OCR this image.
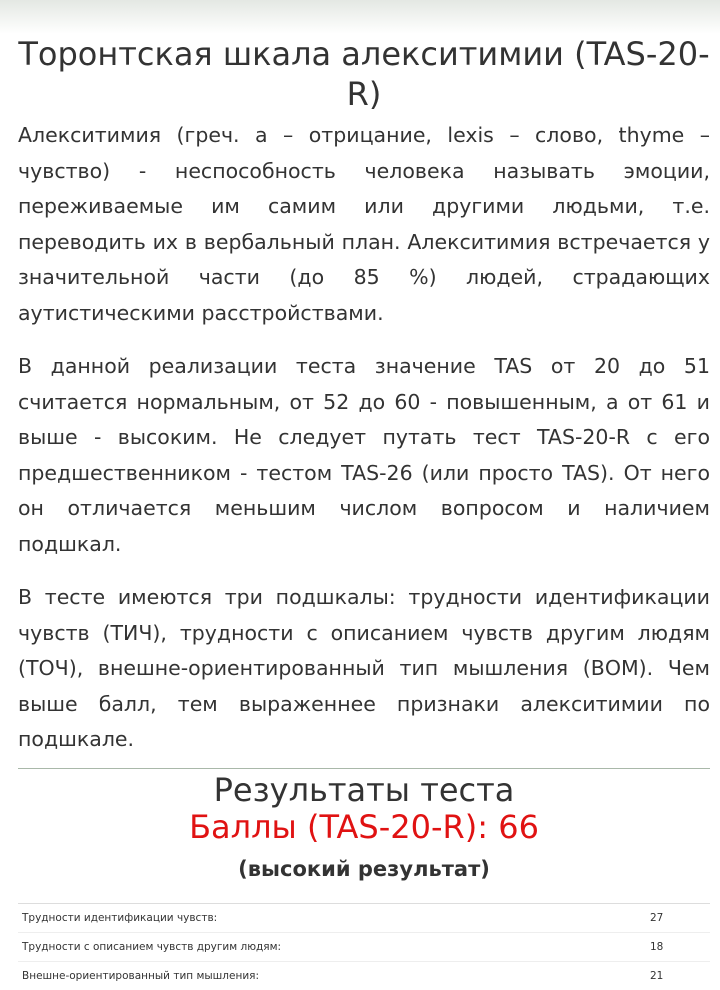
Торонтская шкала алекситимии (TAS-20-R)

Алекситимия (греч. а – отрицание, lexis – слово, thyme – чувство) - неспособность человека называть эмоции, переживаемые им самим или другими людьми, т.е. переводить их в вербальный план. Алекситимия встречается у значительной части (до 85 %) людей, страдающих аутистическими расстройствами.

В данной реализации теста значение TAS от 20 до 51 считается нормальным, от 52 до 60 - повышенным, а от 61 и выше - высоким. Не следует путать тест TAS-20-R с его предшественником - тестом TAS-26 (или просто TAS). От него он отличается меньшим числом вопросом и наличием подшкал.

В тесте имеются три подшкалы: трудности идентификации чувств (ТИЧ), трудности с описанием чувств другим людям (ТОЧ), внешне-ориентированный тип мышления (ВОМ). Чем выше балл, тем выраженнее признаки алекситимии по подшкале.

Результаты теста
Баллы (TAS-20-R): 66
(высокий результат)
Трудности идентификации чувств:	27
Трудности с описанием чувств другим людям:	18
Внешне-ориентированный тип мышления:	21
